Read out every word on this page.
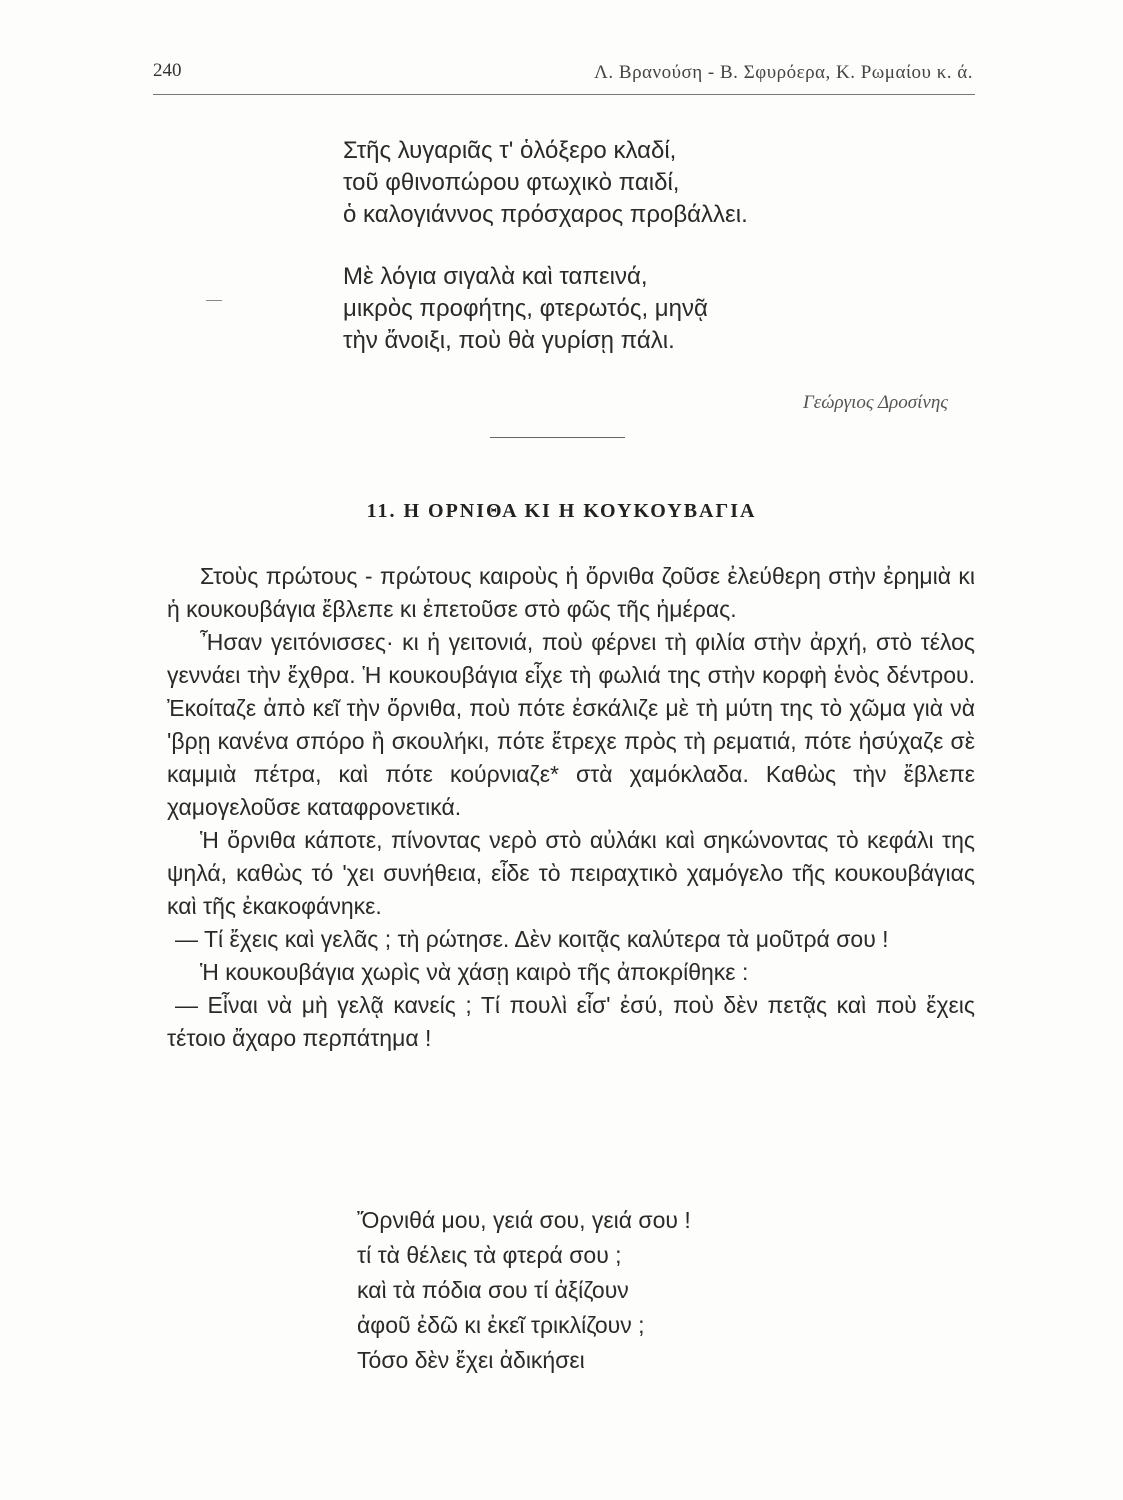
240	Λ. Βρανούση - Β. Σφυρόερα, Κ. Ρωμαίου κ. ά.
Στῆς λυγαριᾶς τ' ὁλόξερο κλαδί,
τοῦ φθινοπώρου φτωχικὸ παιδί,
ὁ καλογιάννος πρόσχαρος προβάλλει.
Μὲ λόγια σιγαλὰ καὶ ταπεινά,
μικρὸς προφήτης, φτερωτός, μηνᾷ
τὴν ἄνοιξι, ποὺ θὰ γυρίσῃ πάλι.
Γεώργιος Δροσίνης
11. Η ΟΡΝΙΘΑ ΚΙ Η ΚΟΥΚΟΥΒΑΓΙΑ

Στοὺς πρώτους - πρώτους καιροὺς ἡ ὄρνιθα ζοῦσε ἐλεύθερη στὴν ἐρημιὰ κι ἡ κουκουβάγια ἔβλεπε κι ἐπετοῦσε στὸ φῶς τῆς ἡμέρας.

Ἦσαν γειτόνισσες· κι ἡ γειτονιά, ποὺ φέρνει τὴ φιλία στὴν ἀρχή, στὸ τέλος γεννάει τὴν ἔχθρα. Ἡ κουκουβάγια εἶχε τὴ φωλιά της στὴν κορφὴ ἑνὸς δέντρου. Ἐκοίταζε ἀπὸ κεῖ τὴν ὄρνιθα, ποὺ πότε ἐσκάλιζε μὲ τὴ μύτη της τὸ χῶμα γιὰ νὰ 'βρῃ κανένα σπόρο ἢ σκουλήκι, πότε ἔτρεχε πρὸς τὴ ρεματιά, πότε ἡσύχαζε σὲ καμμιὰ πέτρα, καὶ πότε κούρνιαζε* στὰ χαμόκλαδα. Καθὼς τὴν ἔβλεπε χαμογελοῦσε καταφρονετικά.

Ἡ ὄρνιθα κάποτε, πίνοντας νερὸ στὸ αὐλάκι καὶ σηκώνοντας τὸ κεφάλι της ψηλά, καθὼς τό 'χει συνήθεια, εἶδε τὸ πειραχτικὸ χαμόγελο τῆς κουκουβάγιας καὶ τῆς ἐκακοφάνηκε.

— Τί ἔχεις καὶ γελᾶς ; τὴ ρώτησε. Δὲν κοιτᾷς καλύτερα τὰ μοῦτρά σου !

Ἡ κουκουβάγια χωρὶς νὰ χάσῃ καιρὸ τῆς ἀποκρίθηκε :

— Εἶναι νὰ μὴ γελᾷ κανείς ; Τί πουλὶ εἶσ' ἐσύ, ποὺ δὲν πετᾷς καὶ ποὺ ἔχεις τέτοιο ἄχαρο περπάτημα !

Ὄρνιθά μου, γειά σου, γειά σου !
τί τὰ θέλεις τὰ φτερά σου ;
καὶ τὰ πόδια σου τί ἀξίζουν
ἀφοῦ ἐδῶ κι ἐκεῖ τρικλίζουν ;
Τόσο δὲν ἔχει ἀδικήσει
